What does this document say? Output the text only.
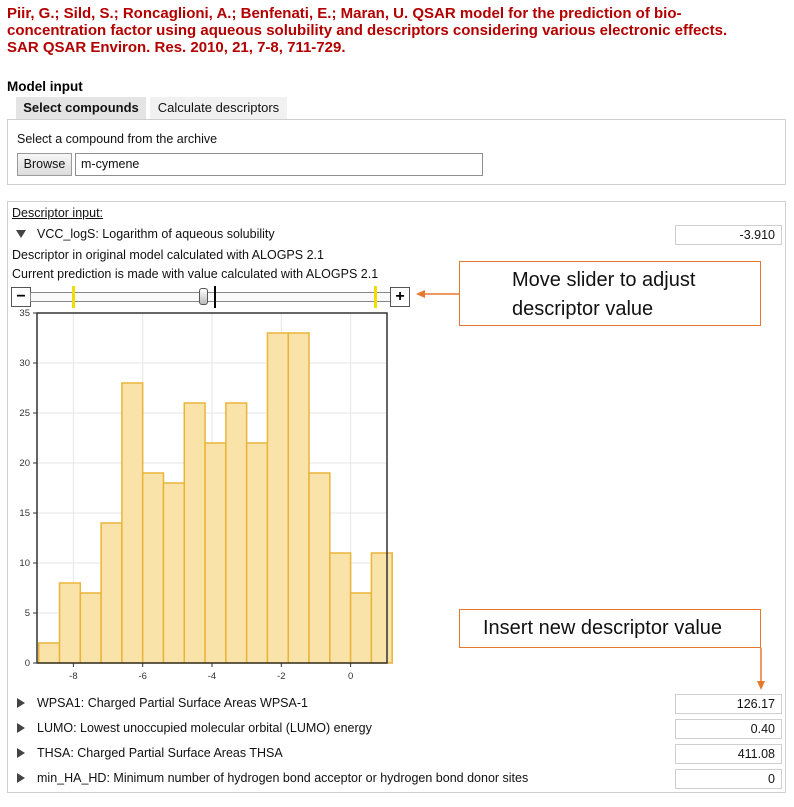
Piir, G.; Sild, S.; Roncaglioni, A.; Benfenati, E.; Maran, U. QSAR model for the prediction of bio-
concentration factor using aqueous solubility and descriptors considering various electronic effects.
SAR QSAR Environ. Res. 2010, 21, 7-8, 711-729.
Model input
Select compounds	Calculate descriptors
Select a compound from the archive
Browse	m-cymene
Descriptor input:
VCC_logS: Logarithm of aqueous solubility	-3.910
Descriptor in original model calculated with ALOGPS 2.1
Current prediction is made with value calculated with ALOGPS 2.1
−	+
0
5
10
15
20
25
30
35
-8	-6	-4	-2	0
Move slider to adjust
descriptor value
Insert new descriptor value
WPSA1: Charged Partial Surface Areas WPSA-1	126.17
LUMO: Lowest unoccupied molecular orbital (LUMO) energy	0.40
THSA: Charged Partial Surface Areas THSA	411.08
min_HA_HD: Minimum number of hydrogen bond acceptor or hydrogen bond donor sites	0
